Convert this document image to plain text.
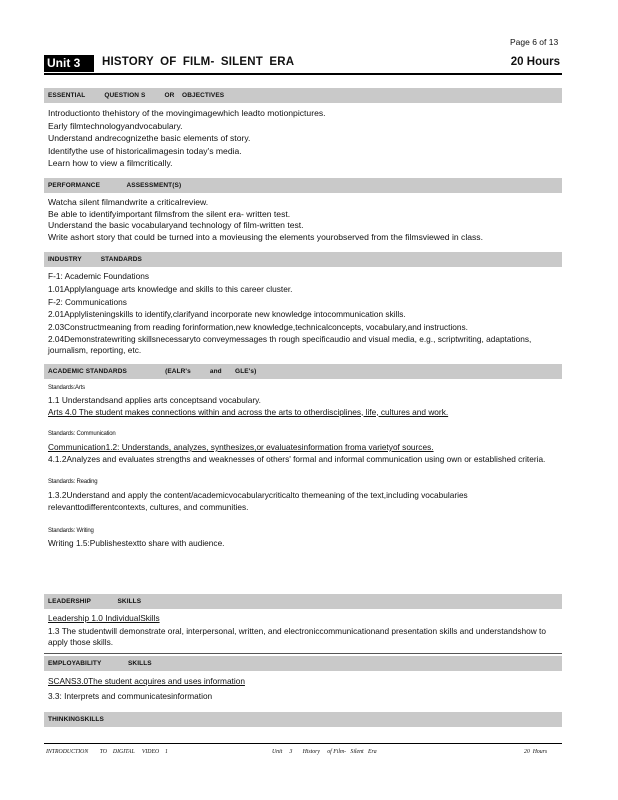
Page 6 of 13
Unit 3	HISTORY OF FILM- SILENT ERA	20 Hours
ESSENTIAL          QUESTION S          OR    OBJECTIVES
Introductionto thehistory of the movingimagewhich leadto motionpictures.
Early filmtechnologyandvocabulary.
Understand andrecognizethe basic elements of story.
Identifythe use of historicalimagesin today's media.
Learn how to view a filmcritically.
PERFORMANCE              ASSESSMENT(S)
Watcha silent filmandwrite a criticalreview.
Be able to identifyimportant filmsfrom the silent era- written test.
Understand the basic vocabularyand technology of film-written test.
Write ashort story that could be turned into a movieusing the elements yourobserved from the filmsviewed in class.
INDUSTRY          STANDARDS
F-1: Academic Foundations
1.01Applylanguage arts knowledge and skills to this career cluster.
F-2: Communications
2.01Applylisteningskills to identify,clarifyand incorporate new knowledge intocommunication skills.
2.03Constructmeaning from reading forinformation,new knowledge,technicalconcepts, vocabulary,and instructions.
2.04Demonstratewriting skillsnecessaryto conveymessages th rough specificaudio and visual media, e.g., scriptwriting, adaptations, journalism, reporting, etc.
ACADEMIC STANDARDS                    (EALR's          and       GLE's)
Standards:Arts
1.1 Understandsand applies arts conceptsand vocabulary.
Arts 4.0 The student makes connections within and across the arts to otherdisciplines, life, cultures and work.
Standards: Communication
Communication1.2: Understands, analyzes, synthesizes,or evaluatesinformation froma varietyof sources.
4.1.2Analyzes and evaluates strengths and weaknesses of others' formal and informal communication using own or established criteria.
Standards: Reading
1.3.2Understand and apply the content/academicvocabularycriticalto themeaning of the text,including vocabularies relevanttodifferentcontexts, cultures, and communities.
Standards: Writing
Writing 1.5:Publishestextto share with audience.
LEADERSHIP              SKILLS
Leadership 1.0 IndividualSkills
1.3 The studentwill demonstrate oral, interpersonal, written, and electroniccommunicationand presentation skills and understandshow to apply those skills.
EMPLOYABILITY              SKILLS
SCANS3.0The student acquires and uses information
3.3: Interprets and communicatesinformation
THINKINGSKILLS
INTRODUCTION        TO    DIGITAL     VIDEO    1	Unit     3       History     of Film-   Silent   Era	20  Hours
